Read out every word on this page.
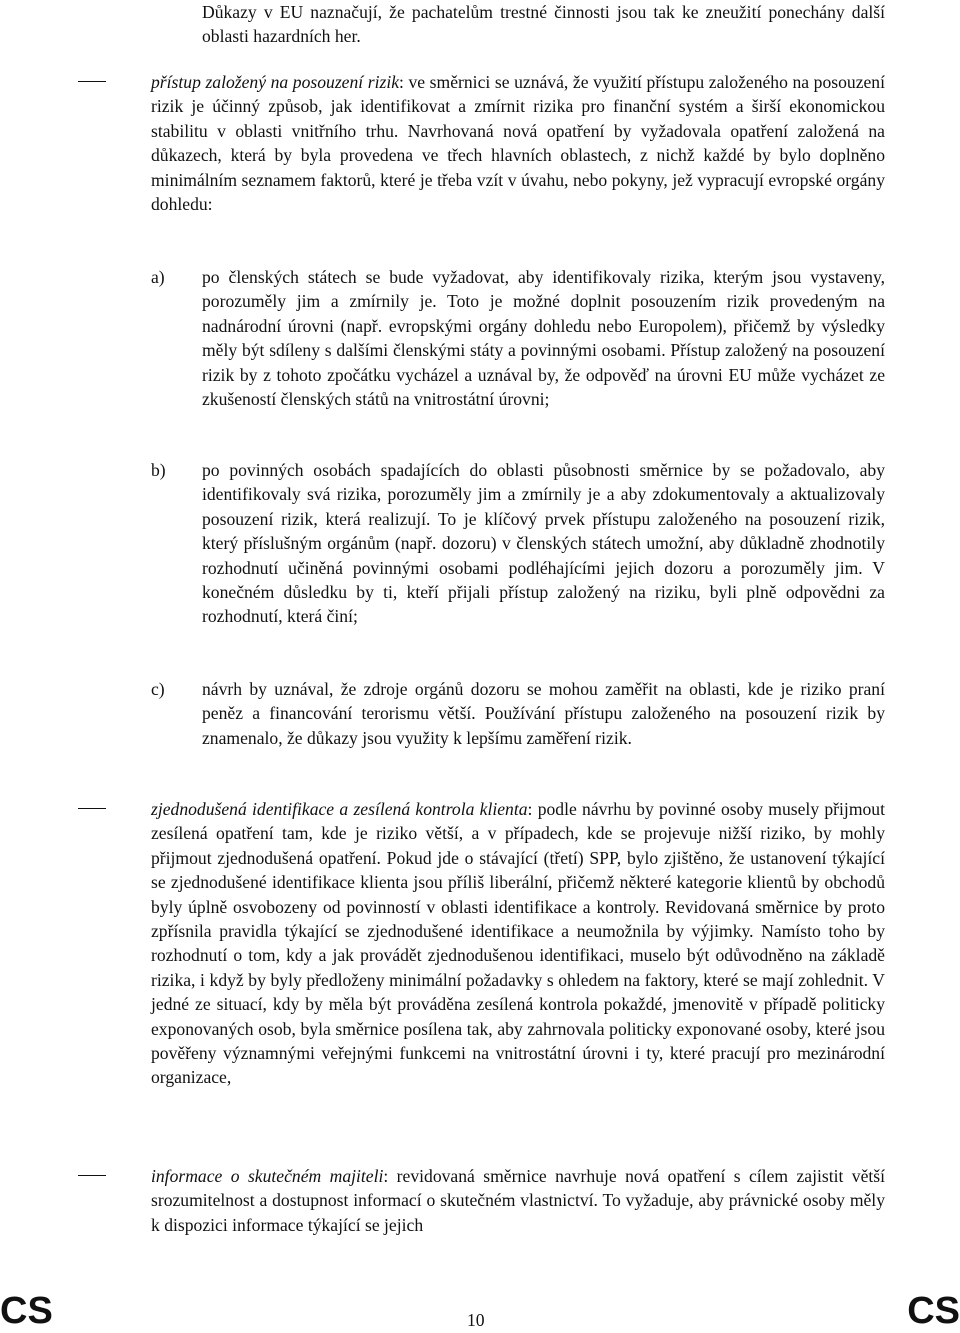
Důkazy v EU naznačují, že pachatelům trestné činnosti jsou tak ke zneužití ponechány další oblasti hazardních her.
přístup založený na posouzení rizik: ve směrnici se uznává, že využití přístupu založeného na posouzení rizik je účinný způsob, jak identifikovat a zmírnit rizika pro finanční systém a širší ekonomickou stabilitu v oblasti vnitřního trhu. Navrhovaná nová opatření by vyžadovala opatření založená na důkazech, která by byla provedena ve třech hlavních oblastech, z nichž každé by bylo doplněno minimálním seznamem faktorů, které je třeba vzít v úvahu, nebo pokyny, jež vypracují evropské orgány dohledu:
a) po členských státech se bude vyžadovat, aby identifikovaly rizika, kterým jsou vystaveny, porozuměly jim a zmírnily je. Toto je možné doplnit posouzením rizik provedeným na nadnárodní úrovni (např. evropskými orgány dohledu nebo Europolem), přičemž by výsledky měly být sdíleny s dalšími členskými státy a povinnými osobami. Přístup založený na posouzení rizik by z tohoto zpočátku vycházel a uznával by, že odpověď na úrovni EU může vycházet ze zkušeností členských států na vnitrostátní úrovni;
b) po povinných osobách spadajících do oblasti působnosti směrnice by se požadovalo, aby identifikovaly svá rizika, porozuměly jim a zmírnily je a aby zdokumentovaly a aktualizovaly posouzení rizik, která realizují. To je klíčový prvek přístupu založeného na posouzení rizik, který příslušným orgánům (např. dozoru) v členských státech umožní, aby důkladně zhodnotily rozhodnutí učiněná povinnými osobami podléhajícími jejich dozoru a porozuměly jim. V konečném důsledku by ti, kteří přijali přístup založený na riziku, byli plně odpovědni za rozhodnutí, která činí;
c) návrh by uznával, že zdroje orgánů dozoru se mohou zaměřit na oblasti, kde je riziko praní peněz a financování terorismu větší. Používání přístupu založeného na posouzení rizik by znamenalo, že důkazy jsou využity k lepšímu zaměření rizik.
zjednodušená identifikace a zesílená kontrola klienta: podle návrhu by povinné osoby musely přijmout zesílená opatření tam, kde je riziko větší, a v případech, kde se projevuje nižší riziko, by mohly přijmout zjednodušená opatření. Pokud jde o stávající (třetí) SPP, bylo zjištěno, že ustanovení týkající se zjednodušené identifikace klienta jsou příliš liberální, přičemž některé kategorie klientů by obchodů byly úplně osvobozeny od povinností v oblasti identifikace a kontroly. Revidovaná směrnice by proto zpřísnila pravidla týkající se zjednodušené identifikace a neumožnila by výjimky. Namísto toho by rozhodnutí o tom, kdy a jak provádět zjednodušenou identifikaci, muselo být odůvodněno na základě rizika, i když by byly předloženy minimální požadavky s ohledem na faktory, které se mají zohlednit. V jedné ze situací, kdy by měla být prováděna zesílená kontrola pokaždé, jmenovitě v případě politicky exponovaných osob, byla směrnice posílena tak, aby zahrnovala politicky exponované osoby, které jsou pověřeny významnými veřejnými funkcemi na vnitrostátní úrovni i ty, které pracují pro mezinárodní organizace,
informace o skutečném majiteli: revidovaná směrnice navrhuje nová opatření s cílem zajistit větší srozumitelnost a dostupnost informací o skutečném vlastnictví. To vyžaduje, aby právnické osoby měly k dispozici informace týkající se jejich
CS	10	CS
